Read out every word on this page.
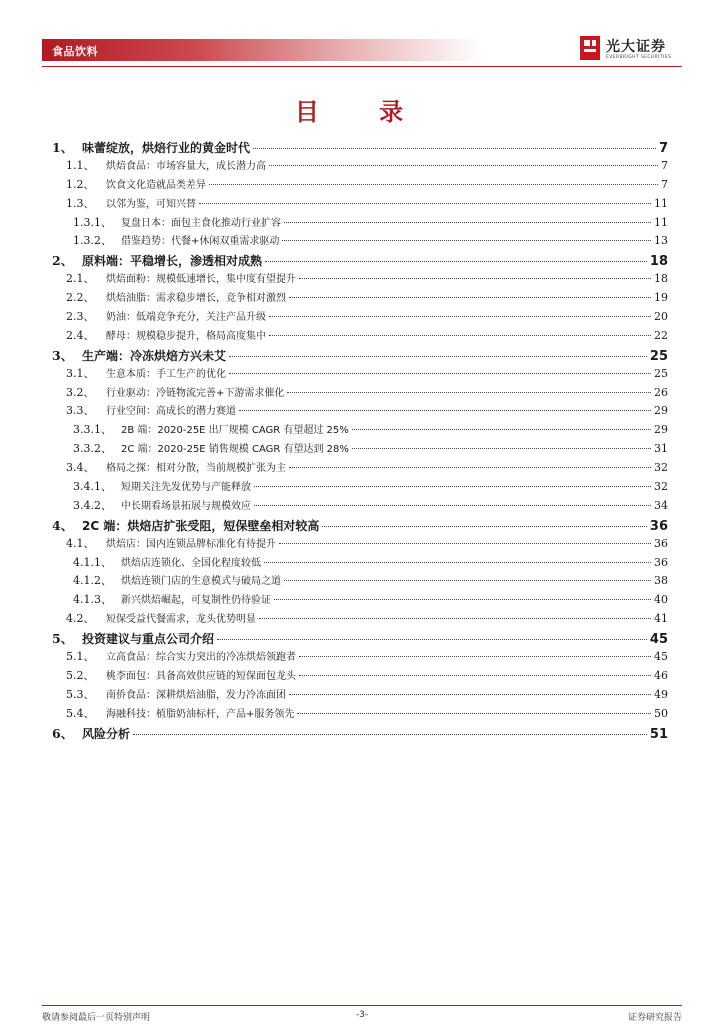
食品饮料	光大证券
EVERBRIGHT SECURITIES
目 录
1、 味蕾绽放，烘焙行业的黄金时代	7
1.1、	烘焙食品：市场容量大，成长潜力高	7
1.2、	饮食文化造就品类差异	7
1.3、	以邻为鉴，可知兴替	11
1.3.1、 复盘日本：面包主食化推动行业扩容	11
1.3.2、 借鉴趋势：代餐+休闲双重需求驱动	13
2、 原料端：平稳增长，渗透相对成熟	18
2.1、	烘焙面粉：规模低速增长，集中度有望提升	18
2.2、	烘焙油脂：需求稳步增长，竞争相对激烈	19
2.3、	奶油：低端竞争充分，关注产品升级	20
2.4、	酵母：规模稳步提升，格局高度集中	22
3、 生产端：冷冻烘焙方兴未艾	25
3.1、	生意本质：手工生产的优化	25
3.2、	行业驱动：冷链物流完善+下游需求催化	26
3.3、	行业空间：高成长的潜力赛道	29
3.3.1、 2B 端：2020-25E 出厂规模 CAGR 有望超过 25%	29
3.3.2、 2C 端：2020-25E 销售规模 CAGR 有望达到 28%	31
3.4、	格局之探：相对分散，当前规模扩张为主	32
3.4.1、 短期关注先发优势与产能释放	32
3.4.2、 中长期看场景拓展与规模效应	34
4、 2C 端：烘焙店扩张受阻，短保壁垒相对较高	36
4.1、	烘焙店：国内连锁品牌标准化有待提升	36
4.1.1、 烘焙店连锁化、全国化程度较低	36
4.1.2、 烘焙连锁门店的生意模式与破局之道	38
4.1.3、 新兴烘焙崛起，可复制性仍待验证	40
4.2、	短保受益代餐需求，龙头优势明显	41
5、 投资建议与重点公司介绍	45
5.1、	立高食品：综合实力突出的冷冻烘焙领跑者	45
5.2、	桃李面包：具备高效供应链的短保面包龙头	46
5.3、	南侨食品：深耕烘焙油脂，发力冷冻面团	49
5.4、	海融科技：植脂奶油标杆，产品+服务领先	50
6、 风险分析	51
敬请参阅最后一页特别声明	-3-	证券研究报告
